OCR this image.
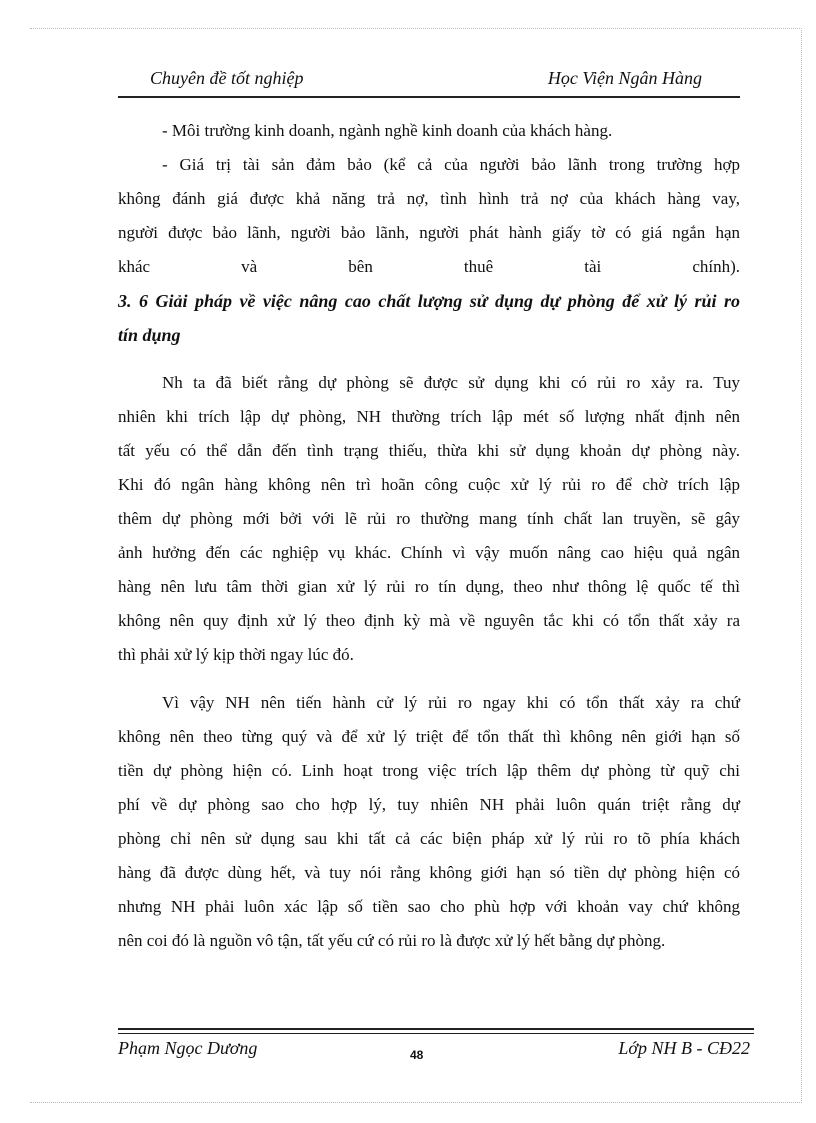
Chuyên đề tốt nghiệp	Học Viện Ngân Hàng
- Môi trường kinh doanh, ngành nghề kinh doanh của khách hàng.
- Giá trị tài sản đảm bảo (kể cả của người bảo lãnh trong trường hợp
không đánh giá được khả năng trả nợ, tình hình trả nợ của khách hàng vay,
người được bảo lãnh, người bảo lãnh, người phát hành giấy tờ có giá ngắn hạn
khác và bên thuê tài chính).
3. 6 Giải pháp về việc nâng cao chất lượng sử dụng dự phòng để xử lý rủi ro
tín dụng
Nh ta đã biết rằng dự phòng sẽ được sử dụng khi có rủi ro xảy ra. Tuy
nhiên khi trích lập dự phòng, NH thường trích lập mét số lượng nhất định nên
tất yếu có thể dẫn đến tình trạng thiếu, thừa khi sử dụng khoản dự phòng này.
Khi đó ngân hàng không nên trì hoãn công cuộc xử lý rủi ro để chờ trích lập
thêm dự phòng mới bởi với lẽ rủi ro thường mang tính chất lan truyền, sẽ gây
ảnh hưởng đến các nghiệp vụ khác. Chính vì vậy muốn nâng cao hiệu quả ngân
hàng nên lưu tâm thời gian xử lý rủi ro tín dụng, theo như thông lệ quốc tế thì
không nên quy định xử lý theo định kỳ mà về nguyên tắc khi có tổn thất xảy ra
thì phải xử lý kịp thời ngay lúc đó.
Vì vậy NH nên tiến hành cử lý rủi ro ngay khi có tổn thất xảy ra chứ
không nên theo từng quý và để xử lý triệt để tổn thất thì không nên giới hạn số
tiền dự phòng hiện có. Linh hoạt trong việc trích lập thêm dự phòng từ quỹ chi
phí về dự phòng sao cho hợp lý, tuy nhiên NH phải luôn quán triệt rằng dự
phòng chỉ nên sử dụng sau khi tất cả các biện pháp xử lý rủi ro tõ phía khách
hàng đã được dùng hết, và tuy nói rằng không giới hạn só tiền dự phòng hiện có
nhưng NH phải luôn xác lập số tiền sao cho phù hợp với khoản vay chứ không
nên coi đó là nguồn vô tận, tất yếu cứ có rủi ro là được xử lý hết bằng dự phòng.
Phạm Ngọc Dương	48	Lớp NH B - CĐ22
